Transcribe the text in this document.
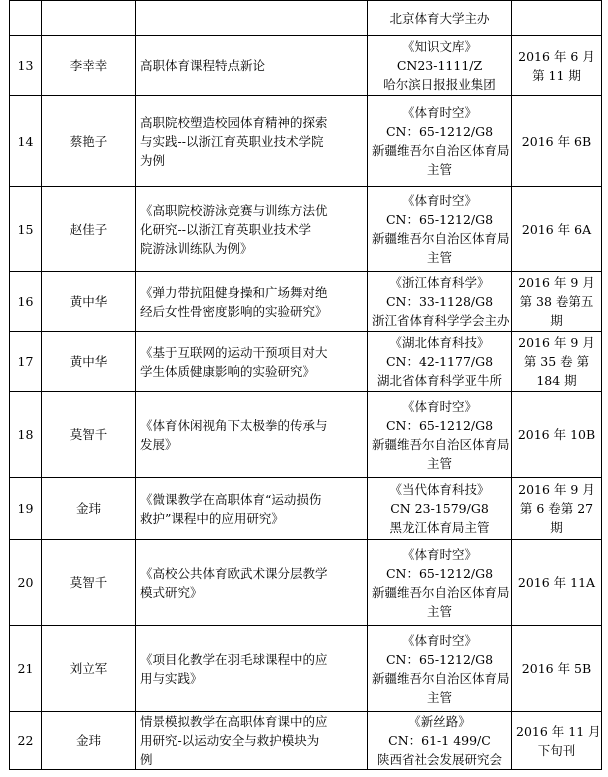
			北京体育大学主办	

13	李幸幸	高职体育课程特点新论	《知识文库》
CN23-1111/Z
哈尔滨日报报业集团	2016 年 6 月
第 11 期

14	蔡艳子	高职院校塑造校园体育精神的探索
与实践--以浙江育英职业技术学院
为例	《体育时空》
CN：65-1212/G8
新疆维吾尔自治区体育局
主管	2016 年 6B

15	赵佳子	《高职院校游泳竞赛与训练方法优
化研究--以浙江育英职业技术学
院游泳训练队为例》	《体育时空》
CN：65-1212/G8
新疆维吾尔自治区体育局
主管	2016 年 6A

16	黄中华	《弹力带抗阻健身操和广场舞对绝
经后女性骨密度影响的实验研究》	《浙江体育科学》
CN：33-1128/G8
浙江省体育科学学会主办	2016 年 9 月
第 38 卷第五
期

17	黄中华	《基于互联网的运动干预项目对大
学生体质健康影响的实验研究》	《湖北体育科技》
CN：42-1177/G8
湖北省体育科学亚牛所	2016 年 9 月
第 35 卷 第
184 期

18	莫智千	《体育休闲视角下太极拳的传承与
发展》	《体育时空》
CN：65-1212/G8
新疆维吾尔自治区体育局
主管	2016 年 10B

19	金玮	《微课教学在高职体育“运动损伤
救护”课程中的应用研究》	《当代体育科技》
CN 23-1579/G8
黑龙江体育局主管	2016 年 9 月
第 6 卷第 27
期

20	莫智千	《高校公共体育欧武术课分层教学
模式研究》	《体育时空》
CN：65-1212/G8
新疆维吾尔自治区体育局
主管	2016 年 11A

21	刘立军	《项目化教学在羽毛球课程中的应
用与实践》	《体育时空》
CN：65-1212/G8
新疆维吾尔自治区体育局
主管	2016 年 5B

22	金玮	情景模拟教学在高职体育课中的应
用研究-以运动安全与救护模块为
例	《新丝路》
CN：61-1 499/C
陕西省社会发展研究会	2016 年 11 月
下旬刊
